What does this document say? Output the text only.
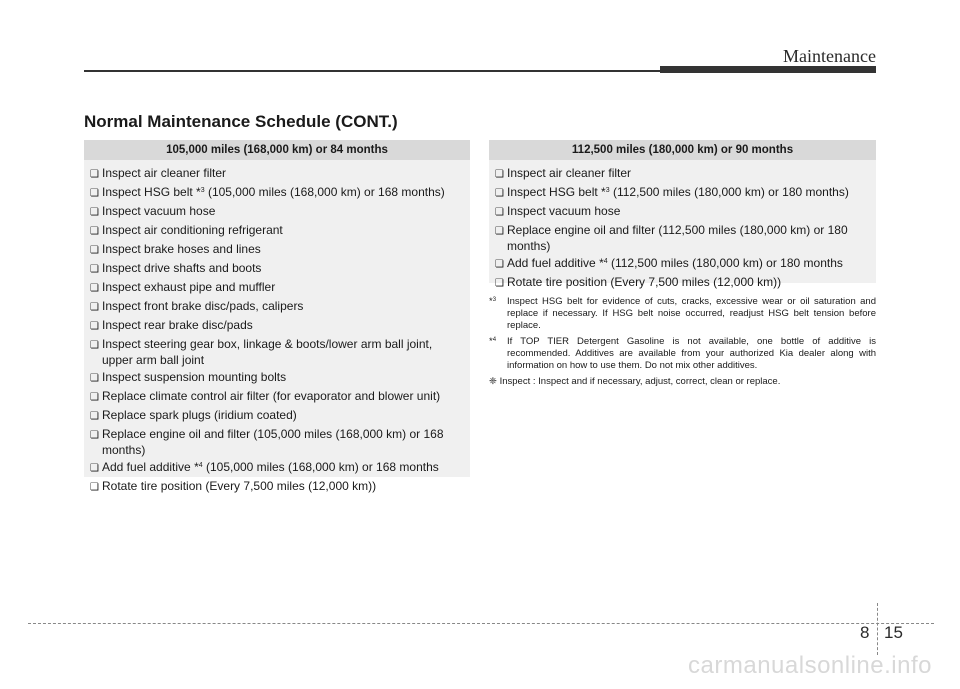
Maintenance
Normal Maintenance Schedule (CONT.)
105,000 miles (168,000 km) or 84 months
❏ Inspect air cleaner filter
❏ Inspect HSG belt *$^3$ (105,000 miles (168,000 km) or 168 months)
❏ Inspect vacuum hose
❏ Inspect air conditioning refrigerant
❏ Inspect brake hoses and lines
❏ Inspect drive shafts and boots
❏ Inspect exhaust pipe and muffler
❏ Inspect front brake disc/pads, calipers
❏ Inspect rear brake disc/pads
❏ Inspect steering gear box, linkage & boots/lower arm ball joint, upper arm ball joint
❏ Inspect suspension mounting bolts
❏ Replace climate control air filter (for evaporator and blower unit)
❏ Replace spark plugs (iridium coated)
❏ Replace engine oil and filter (105,000 miles (168,000 km) or 168 months)
❏ Add fuel additive *$^4$ (105,000 miles (168,000 km) or 168 months
❏ Rotate tire position (Every 7,500 miles (12,000 km))
112,500 miles (180,000 km) or 90 months
❏ Inspect air cleaner filter
❏ Inspect HSG belt *$^3$ (112,500 miles (180,000 km) or 180 months)
❏ Inspect vacuum hose
❏ Replace engine oil and filter (112,500 miles (180,000 km) or 180 months)
❏ Add fuel additive *$^4$ (112,500 miles (180,000 km) or 180 months
❏ Rotate tire position (Every 7,500 miles (12,000 km))
*$^3$ Inspect HSG belt for evidence of cuts, cracks, excessive wear or oil saturation and replace if necessary. If HSG belt noise occurred, readjust HSG belt tension before replace.
*$^4$ If TOP TIER Detergent Gasoline is not available, one bottle of additive is recommended. Additives are available from your authorized Kia dealer along with information on how to use them. Do not mix other additives.
❈ Inspect : Inspect and if necessary, adjust, correct, clean or replace.
8 15
carmanualsonline.info
